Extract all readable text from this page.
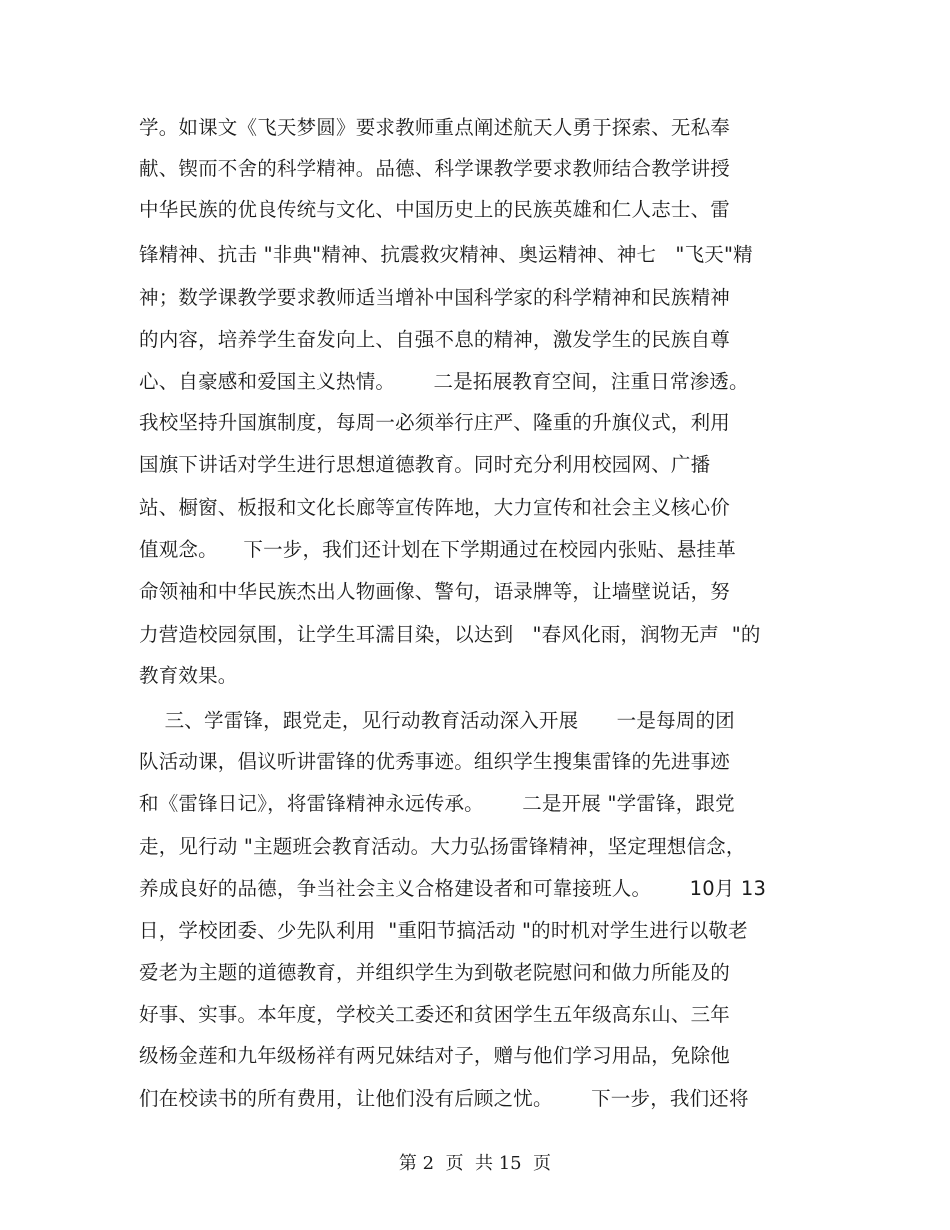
学。如课文《飞天梦圆》要求教师重点阐述航天人勇于探索、无私奉
献、锲而不舍的科学精神。品德、科学课教学要求教师结合教学讲授
中华民族的优良传统与文化、中国历史上的民族英雄和仁人志士、雷
锋精神、抗击 "非典"精神、抗震救灾精神、奥运精神、神七   "飞天"精
神；数学课教学要求教师适当增补中国科学家的科学精神和民族精神
的内容，培养学生奋发向上、自强不息的精神，激发学生的民族自尊
心、自豪感和爱国主义热情。      二是拓展教育空间，注重日常渗透。
我校坚持升国旗制度，每周一必须举行庄严、隆重的升旗仪式，利用
国旗下讲话对学生进行思想道德教育。同时充分利用校园网、广播
站、橱窗、板报和文化长廊等宣传阵地，大力宣传和社会主义核心价
值观念。    下一步，我们还计划在下学期通过在校园内张贴、悬挂革
命领袖和中华民族杰出人物画像、警句，语录牌等，让墙壁说话，努
力营造校园氛围，让学生耳濡目染，以达到   "春风化雨，润物无声  "的
教育效果。
三、学雷锋，跟党走，见行动教育活动深入开展      一是每周的团
队活动课，倡议听讲雷锋的优秀事迹。组织学生搜集雷锋的先进事迹
和《雷锋日记》，将雷锋精神永远传承。      二是开展 "学雷锋，跟党
走，见行动 "主题班会教育活动。大力弘扬雷锋精神，坚定理想信念，
养成良好的品德，争当社会主义合格建设者和可靠接班人。      10月 13
日，学校团委、少先队利用  "重阳节搞活动 "的时机对学生进行以敬老
爱老为主题的道德教育，并组织学生为到敬老院慰问和做力所能及的
好事、实事。本年度，学校关工委还和贫困学生五年级高东山、三年
级杨金莲和九年级杨祥有两兄妹结对子，赠与他们学习用品，免除他
们在校读书的所有费用，让他们没有后顾之忧。      下一步，我们还将
第 2  页  共 15  页
